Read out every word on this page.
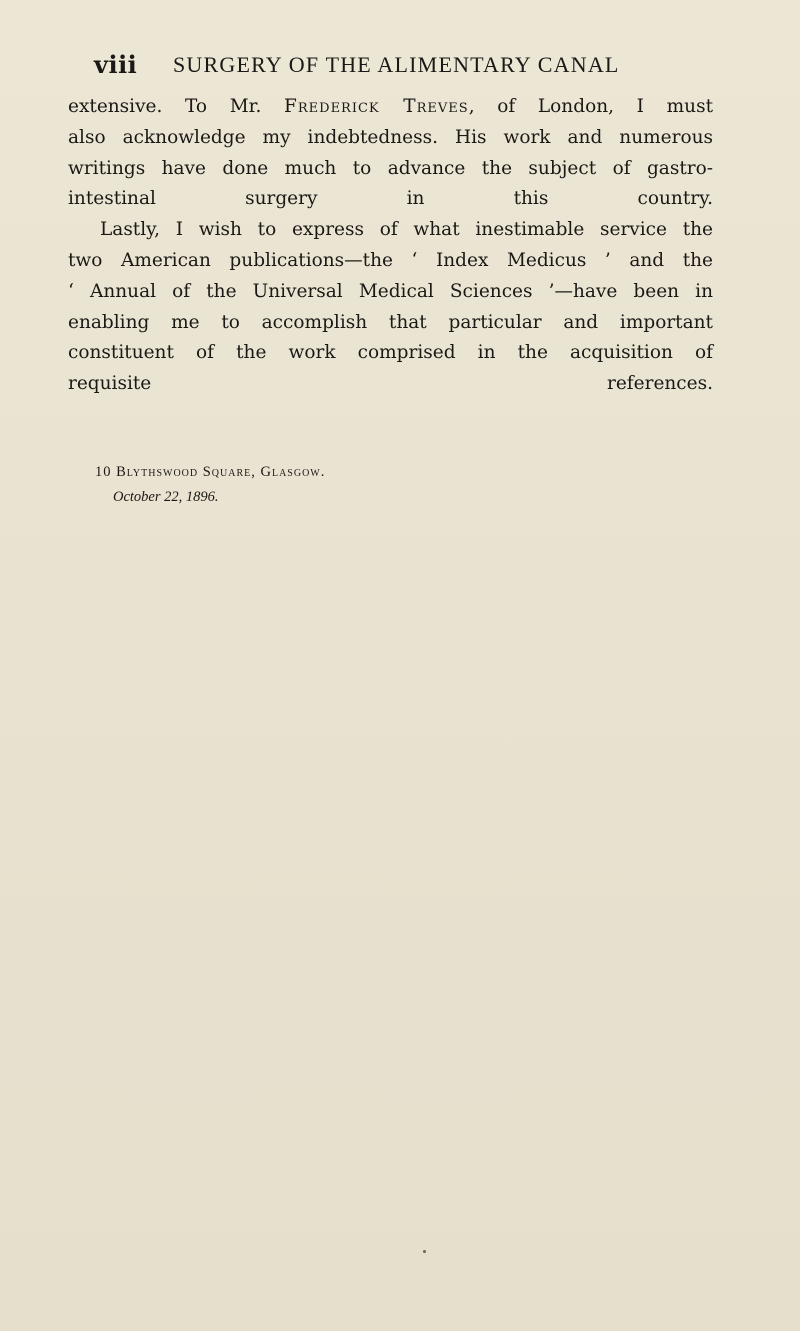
viii SURGERY OF THE ALIMENTARY CANAL

extensive. To Mr. Frederick Treves, of London, I must
also acknowledge my indebtedness. His work and numerous
writings have done much to advance the subject of gastro-
intestinal surgery in this country.

Lastly, I wish to express of what inestimable service the
two American publications—the ‘ Index Medicus ’ and the
‘ Annual of the Universal Medical Sciences ’—have been in
enabling me to accomplish that particular and important
constituent of the work comprised in the acquisition of
requisite references.

10 Blythswood Square, Glasgow.
October 22, 1896.
